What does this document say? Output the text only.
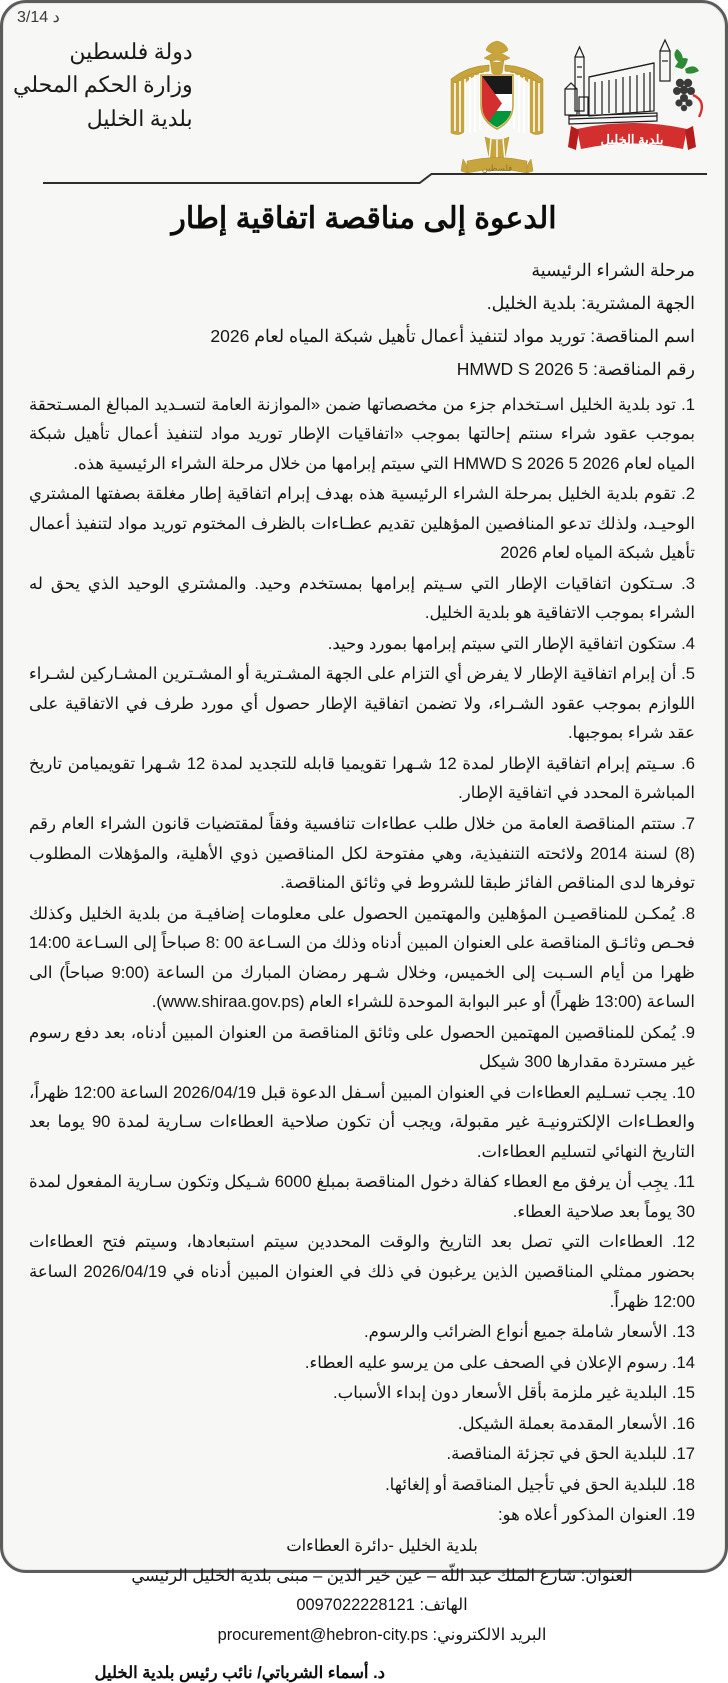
د 3/14
بلدية الخليل
فلسطين
دولة فلسطين
وزارة الحكم المحلي
بلدية الخليل
الدعوة إلى مناقصة اتفاقية إطار
مرحلة الشراء الرئيسية
الجهة المشترية: بلدية الخليل.
اسم المناقصة: توريد مواد لتنفيذ أعمال تأهيل شبكة المياه لعام 2026
رقم المناقصة: 5 HMWD S 2026
1. تود بلدية الخليل اسـتخدام جزء من مخصصاتها ضمن «الموازنة العامة لتسـديد المبالغ المسـتحقة بموجب عقود شراء سنتم إحالتها بموجب «اتفاقيات الإطار توريد مواد لتنفيذ أعمال تأهيل شبكة المياه لعام 2026 5 HMWD S 2026 التي سيتم إبرامها من خلال مرحلة الشراء الرئيسية هذه.
2. تقوم بلدية الخليل بمرحلة الشراء الرئيسية هذه بهدف إبرام اتفاقية إطار مغلقة بصفتها المشتري الوحيـد، ولذلك تدعو المنافصين المؤهلين تقديم عطـاءات بالظرف المختوم توريد مواد لتنفيذ أعمال تأهيل شبكة المياه لعام 2026
3. سـتكون اتفاقيات الإطار التي سـيتم إبرامها بمستخدم وحيد. والمشتري الوحيد الذي يحق له الشراء بموجب الاتفاقية هو بلدية الخليل.
4. ستكون اتفاقية الإطار التي سيتم إبرامها بمورد وحيد.
5. أن إبرام اتفاقية الإطار لا يفرض أي التزام على الجهة المشـترية أو المشـترين المشـاركين لشـراء اللوازم بموجب عقود الشـراء، ولا تضمن اتفاقية الإطار حصول أي مورد طرف في الاتفاقية على عقد شراء بموجبها.
6. سـيتم إبرام اتفاقية الإطار لمدة 12 شـهرا تقويميا قابله للتجديد لمدة 12 شـهرا تقويميامن تاريخ المباشرة المحدد في اتفاقية الإطار.
7. ستتم المناقصة العامة من خلال طلب عطاءات تنافسية وفقاً لمقتضيات قانون الشراء العام رقم (8) لسنة 2014 ولائحته التنفيذية، وهي مفتوحة لكل المناقصين ذوي الأهلية، والمؤهلات المطلوب توفرها لدى المناقص الفائز طبقا للشروط في وثائق المناقصة.
8. يُمكـن للمناقصيـن المؤهلين والمهتمين الحصول على معلومات إضافيـة من بلدية الخليل وكذلك فحـص وثائـق المناقصة على العنوان المبين أدناه وذلك من السـاعة 00 :8 صباحاً إلى السـاعة 14:00 ظهرا من أيام السـبت إلى الخميس، وخلال شـهر رمضان المبارك من الساعة (9:00 صباحاً) الى الساعة (13:00 ظهراً) أو عبر البوابة الموحدة للشراء العام (www.shiraa.gov.ps).
9. يُمكن للمناقصين المهتمين الحصول على وثائق المناقصة من العنوان المبين أدناه، بعد دفع رسوم غير مستردة مقدارها 300 شيكل
10. يجب تسـليم العطاءات في العنوان المبين أسـفل الدعوة قبل 2026/04/19 الساعة 12:00 ظهراً، والعطـاءات الإلكترونيـة غير مقبولة، ويجب أن تكون صلاحية العطاءات سـارية لمدة 90 يوما بعد التاريخ النهائي لتسليم العطاءات.
11. يجِب أن يرفق مع العطاء كفالة دخول المناقصة بمبلغ 6000 شـيكل وتكون سـارية المفعول لمدة 30 يوماً بعد صلاحية العطاء.
12. العطاءات التي تصل بعد التاريخ والوقت المحددين سيتم استبعادها، وسيتم فتح العطاءات بحضور ممثلي المناقصين الذين يرغبون في ذلك في العنوان المبين أدناه في 2026/04/19 الساعة 12:00 ظهراً.
13. الأسعار شاملة جميع أنواع الضرائب والرسوم.
14. رسوم الإعلان في الصحف على من يرسو عليه العطاء.
15. البلدية غير ملزمة بأقل الأسعار دون إبداء الأسباب.
16. الأسعار المقدمة بعملة الشيكل.
17. للبلدية الحق في تجزئة المناقصة.
18. للبلدية الحق في تأجيل المناقصة أو إلغائها.
19. العنوان المذكور أعلاه هو:
بلدية الخليل -دائرة العطاءات
العنوان: شارع الملك عبد اللّه – عين خير الدين – مبنى بلدية الخليل الرئيسي
الهاتف: 0097022228121
البريد الالكتروني: procurement@hebron-city.ps
د. أسماء الشرباتي/ نائب رئيس بلدية الخليل
